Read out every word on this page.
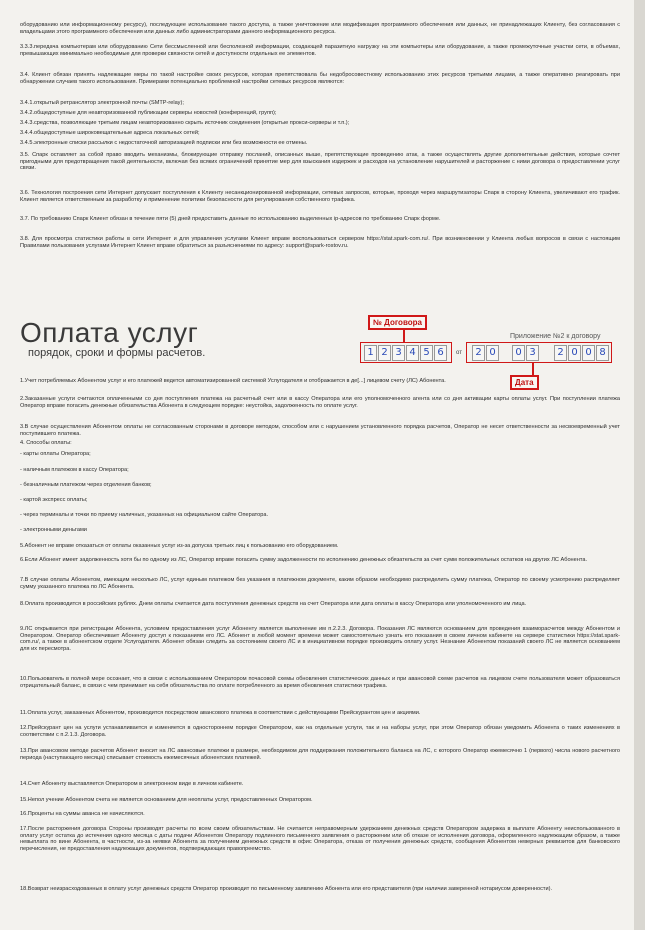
оборудованию или информационному ресурсу), последующее использование такого доступа, а также уничтожение или модификация программного обеспечения или данных, не принадлежащих Клиенту, без согласования с владельцами этого программного обеспечения или данных либо администраторами данного информационного ресурса.

3.3.3.передача компьютерам или оборудованию Сети бессмысленной или бесполезной информации, создающей паразитную нагрузку на эти компьютеры или оборудование, а также промежуточные участки сети, в объемах, превышающих минимально необходимые для проверки связности сетей и доступности отдельных ее элементов.

3.4. Клиент обязан принять надлежащие меры по такой настройке своих ресурсов, которая препятствовала бы недобросовестному использованию этих ресурсов третьими лицами, а также оперативно реагировать при обнаружении случаев такого использования. Примерами потенциально проблемной настройки сетевых ресурсов являются:

3.4.1.открытый ретранслятор электронной почты (SMTP-relay);

3.4.2.общедоступные для неавторизованной публикации серверы новостей (конференций, групп);

3.4.3.средства, позволяющие третьим лицам неавторизованно скрыть источник соединения (открытые прокси-серверы и т.п.);

3.4.4.общедоступные широковещательные адреса локальных сетей;

3.4.5.электронные списки рассылки с недостаточной авторизацией подписки или без возможности ее отмены.

3.5. Спарк оставляет за собой право вводить механизмы, блокирующие отправку посланий, описанных выше, препятствующие проведению атак, а также осуществлять другие дополнительные действия, которые сочтет пригодными для предотвращения такой деятельности, включая без всяких ограничений принятие мер для взыскания издержек и расходов на установление нарушителей и расторжение с ними договора о предоставлении услуг связи.

3.6. Технология построения сети Интернет допускает поступления к Клиенту несанкционированной информации, сетевых запросов, которые, проходя через маршрутизаторы Спарк в сторону Клиента, увеличивают его трафик. Клиент является ответственным за разработку и применение политики безопасности для регулирования собственного трафика.

3.7. По требованию Спарк Клиент обязан в течение пяти (5) дней предоставить данные по использованию выделенных ip-адресов по требованию Спарк форме.

3.8. Для просмотра статистики работы в сети Интернет и для управления услугами Клиент вправе воспользоваться сервером https://stat.spark-com.ru/. При возникновении у Клиента любых вопросов в связи с настоящим Правилами пользования услугами Интернет Клиент вправе обратиться за разъяснениями по адресу: support@spark-rostov.ru.

Оплата услуг
порядок, сроки и формы расчетов.
Приложение №2 к договору
№ Договора
1 2 3 4 5 6	от	2 0	0 3	2 0 0 8
Дата

1.Учет потребляемых Абонентом услуг и его платежей ведется автоматизированной системой Услугодателя и отображается в де[...] лицевом счету (ЛС) Абонента.

2.Заказанные услуги считаются оплаченными со дня поступления платежа на расчетный счет или в кассу Оператора или его уполномоченного агента или со дня активации карты оплаты услуг. При поступлении платежа Оператор вправе погасить денежные обязательства Абонента в следующем порядке: неустойка, задолженность по оплате услуг.

3.В случае осуществления Абонентом оплаты не согласованным сторонами в договоре методом, способом или с нарушением установленного порядка расчетов, Оператор не несет ответственности за несвоевременный учет поступившего платежа.

4. Способы оплаты:

- карты оплаты Оператора;

- наличным платежом в кассу Оператора;

- безналичным платежом через отделения банков;

- картой экспресс оплаты;

- через терминалы и точки по приему наличных, указанных на официальном сайте Оператора.

- электронными деньгами

5.Абонент не вправе отказаться от оплаты оказанных услуг из-за допуска третьих лиц к пользованию его оборудованием.

6.Если Абонент имеет задолженность хотя бы по одному из ЛС, Оператор вправе погасить сумму задолженности по исполнению денежных обязательств за счет сумм положительных остатков на других ЛС Абонента.

7.В случае оплаты Абонентом, имеющим несколько ЛС, услуг единым платежом без указания в платежном документе, каким образом необходимо распределить сумму платежа, Оператор по своему усмотрению распределяет сумму указанного платежа по ЛС Абонента.

8.Оплата производится в российских рублях. Днем оплаты считается дата поступления денежных средств на счет Оператора или дата оплаты в кассу Оператора или уполномоченного им лица.

9.ЛС открывается при регистрации Абонента, условием предоставления услуг Абоненту является выполнение им п.2.2.3. Договора. Показания ЛС являются основанием для проведения взаиморасчетов между Абонентом и Оператором. Оператор обеспечивает Абоненту доступ к показаниям его ЛС. Абонент в любой момент времени может самостоятельно узнать его показания в своем личном кабинете на сервере статистики https://stat.spark-com.ru/, а также в абонентском отделе Услугодателя. Абонент обязан следить за состоянием своего ЛС и в инициативном порядке производить оплату услуг. Незнание Абонентом показаний своего ЛС не является основанием для их пересмотра.

10.Пользователь в полной мере осознает, что в связи с использованием Оператором почасовой схемы обновления статистических данных и при авансовой схеме расчетов на лицевом счете пользователя может образоваться отрицательный баланс, в связи с чем принимает на себя обязательства по оплате потребленного за время обновления статистики трафика.

11.Оплата услуг, заказанных Абонентом, производится посредством авансового платежа в соответствии с действующими Прейскурантом цен и акциями.

12.Прейскурант цен на услуги устанавливается и изменяется в одностороннем порядке Оператором, как на отдельные услуги, так и на наборы услуг, при этом Оператор обязан уведомить Абонента о таких изменениях в соответствии с п.2.1.3. Договора.

13.При авансовом методе расчетов Абонент вносит на ЛС авансовые платежи в размере, необходимом для поддержания положительного баланса на ЛС, с которого Оператор ежемесячно 1 (первого) числа нового расчетного периода (наступающего месяца) списывает стоимость ежемесячных абонентских платежей.

14.Счет Абоненту выставляется Оператором в электронном виде в личном кабинете.

15.Непол учение Абонентом счета не является основанием для неоплаты услуг, предоставленных Оператором.

16.Проценты на суммы аванса не начисляются.

17.После расторжения договора Стороны производят расчеты по всем своим обязательствам. Не считается неправомерным удержанием денежных средств Оператором задержка в выплате Абоненту неиспользованного в оплату услуг остатка до истечения одного месяца с даты подачи Абонентом Оператору подлинного письменного заявления о расторжении или об отказе от исполнения договора, оформленного надлежащим образом, а также невыплата по вине Абонента, в частности, из-за неявки Абонента за получением денежных средств в офис Оператора, отказа от получения денежных средств, сообщения Абонентом неверных реквизитов для банковского перечисления, не предоставления надлежащих документов, подтверждающих правопреемство.

18.Возврат неизрасходованных в оплату услуг денежных средств Оператор производит по письменному заявлению Абонента или его представителя (при наличии заверенной нотариусом доверенности).
